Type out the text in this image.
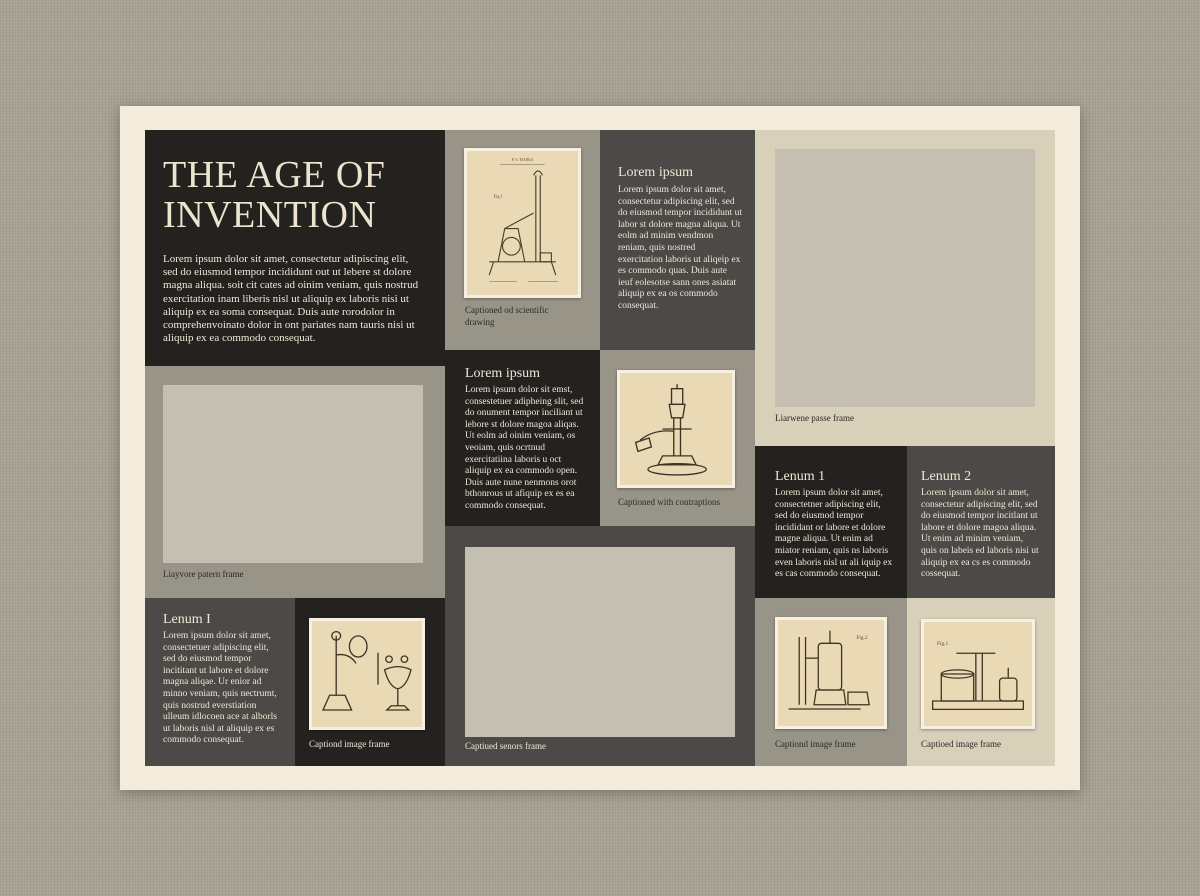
THE AGE OF
INVENTION
Lorem ipsum dolor sit amet, consectetur adipiscing elit, sed do eiusmod tempor incididunt out ut lebere st dolore magna aliqua. soit cit cates ad oinim veniam, quis nostrud exercitation inam liberis nisl ut aliquip ex laboris nisi ut aliquip ex ea soma consequat. Duis aute rorodolor in comprehenvoinato dolor in ont pariates nam tauris nisi ut aliquip ex ea commodo consequat.
P. S. MARKS
Fig.1
Captioned od scientific drawing
Lorem ipsum
Lorem ipsum dolor sit amet, consectetur adipiscing elit, sed do eiusmod tempor incididunt ut labor st dolore magna aliqua. Ut eolm ad minim vendmon reniam, quis nostred exercitation laboris ut aliqeip ex es commodo quas. Duis aute ieuf eolesotse sann ones asiatat aliquip ex ea os commodo consequat.
Liarwene passe frame
Liayvore patern frame
Lorem ipsum
Lorem ipsum dolor sit emst, consestetuer adipheing slit, sed do onument tempor inciliant ut lebore st dolore magoa aliqas. Ut eolm ad oinim veniam, os veoiam, quis ocrtnud exercitatiina laboris u oct aliquip ex ea commodo open. Duis aute nune nenmons orot bthonrous ut afiquip ex es ea commodo consequat.	Captioned with contraptions
Captiued senors frame
Lenum 1
Lorem ipsum dolor sit amet, consectetner adipiscing elit, sed do eiusmod tempor incididant or labore et dolore magne aliqua. Ut enim ad miator reniam, quis ns laboris even laboris nisl ut ali iquip ex es cas commodo consequat.
Lenum 2
Lorem ipsum dolor sit amet, consectetur adipiscing elit, sed do eiusmod tempor incitlant ut labore et dolore magoa aliqua. Ut enim ad minim veniam, quis on labeis ed laboris nisi ut aliquip ex ea cs es commodo cossequat.
Lenum I
Lorem ipsum dolor sit amet, consectetuer adipiscing elit, sed do eiusmod tempor incititant ut labore et dolore magna aliqae. Ur enior ad minno veniam, quis nectrumt, quis nostrud everstiation ulleum idlocoen ace at alborls ut laboris nisl at aliquip ex es commodo consequat.	Captiond image frame
Fig.2
Captiond image frame
Fig.1
Captioed image frame
